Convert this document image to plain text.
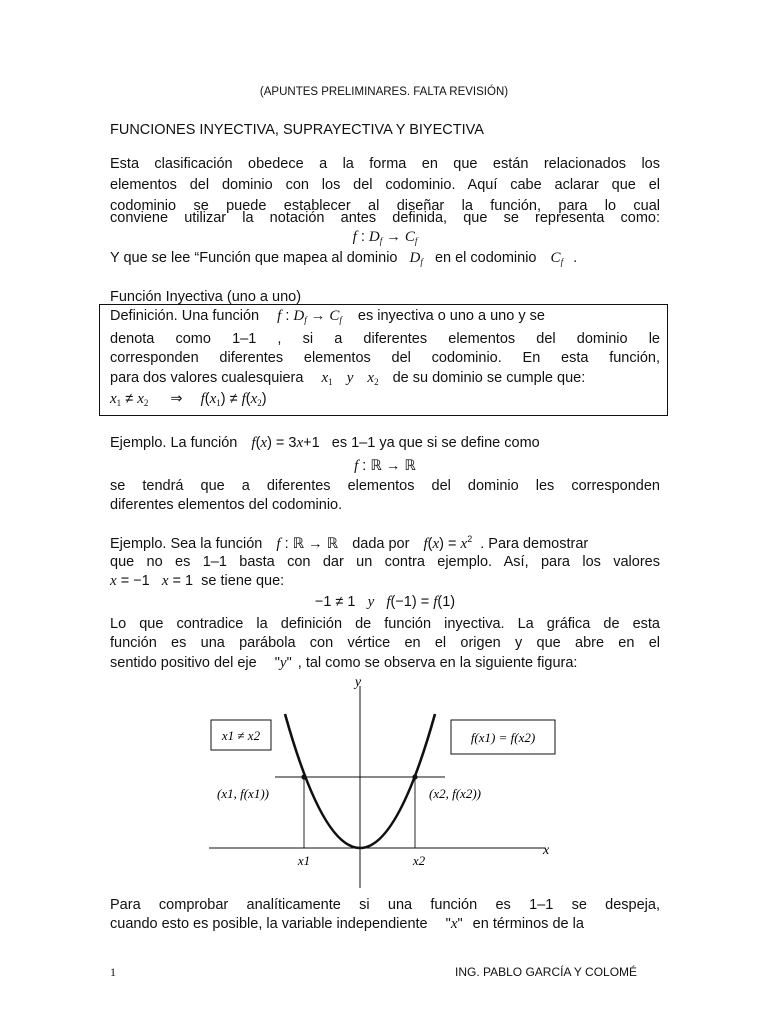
(APUNTES PRELIMINARES. FALTA REVISIÓN)
FUNCIONES INYECTIVA, SUPRAYECTIVA Y BIYECTIVA
Esta clasificación obedece a la forma en que están relacionados los
elementos del dominio con los del codominio. Aquí cabe aclarar que el
codominio se puede establecer al diseñar la función, para lo cual
conviene utilizar la notación antes definida, que se representa como:
f : $D_f \to C_f$
Y que se lee “Función que mapea al dominio $D_f$ en el codominio $C_f$ .
Función Inyectiva (uno a uno)
Definición. Una función f : $D_f \to C_f$ es inyectiva o uno a uno y se
denota como 1–1 , si a diferentes elementos del dominio le
corresponden diferentes elementos del codominio. En esta función,
para dos valores cualesquiera $x_1$ y $x_2$ de su dominio se cumple que:
$x_1 \ne x_2$ ⇒ $f(x_1) \ne f(x_2)$
Ejemplo. La función f(x) = 3x+1 es 1–1 ya que si se define como
f : ℝ → ℝ
se tendrá que a diferentes elementos del dominio les corresponden
diferentes elementos del codominio.
Ejemplo. Sea la función f : ℝ → ℝ dada por $f(x) = x^2$ . Para demostrar
que no es 1–1 basta con dar un contra ejemplo. Así, para los valores
x = −1   x = 1  se tiene que:
−1 ≠ 1   y f(−1) = f(1)
Lo que contradice la definición de función inyectiva. La gráfica de esta
función es una parábola con vértice en el origen y que abre en el
sentido positivo del eje "y" , tal como se observa en la siguiente figura:
y
x
x1	x2
x1 ≠ x2	f(x1) = f(x2)
(x1, f(x1))	(x2, f(x2))
Para comprobar analíticamente si una función es 1–1 se despeja,
cuando esto es posible, la variable independiente "x" en términos de la
1	ING. PABLO GARCÍA Y COLOMÉ
